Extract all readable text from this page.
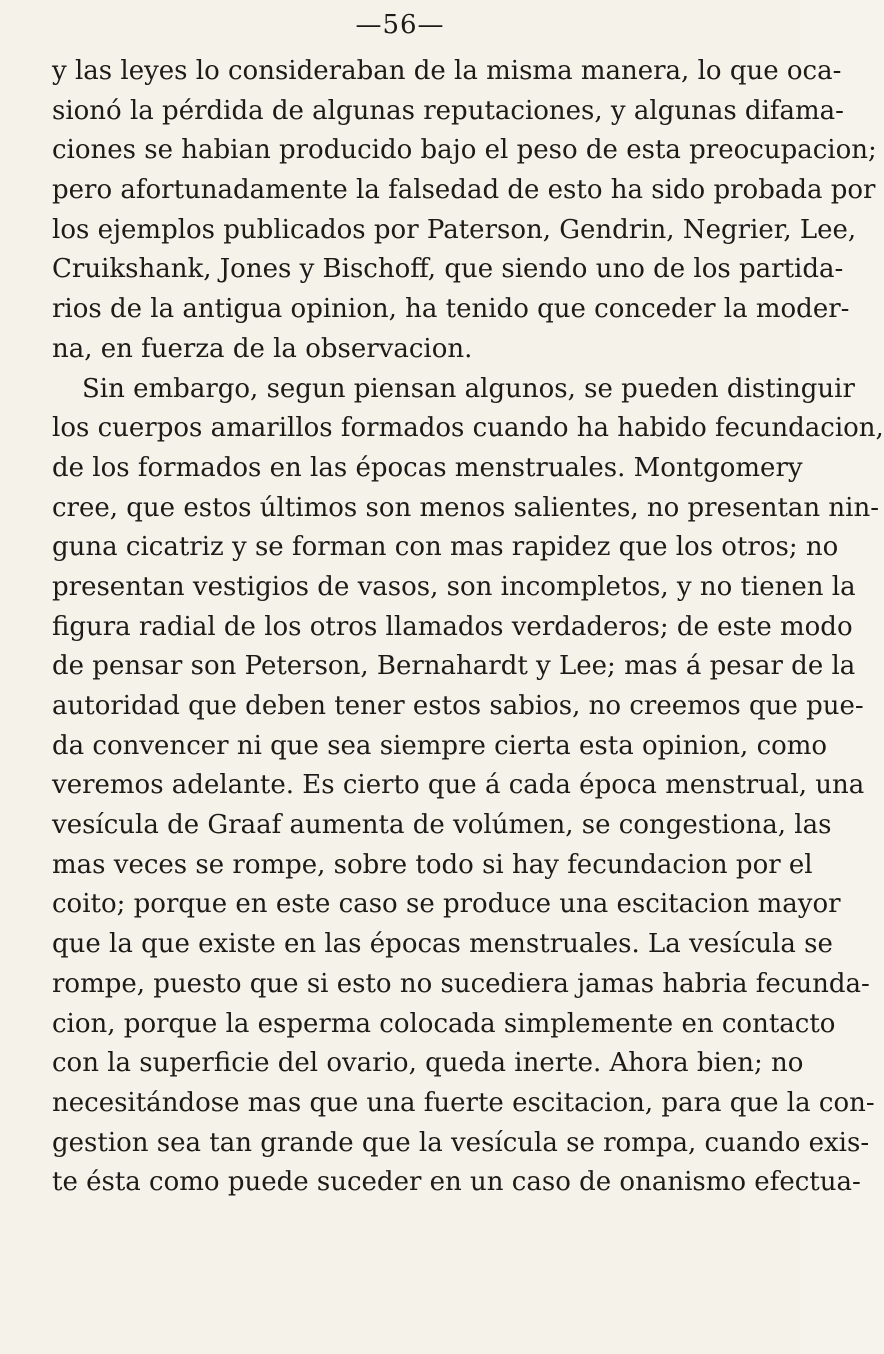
—56—
y las leyes lo consideraban de la misma manera, lo que oca-
sionó la pérdida de algunas reputaciones, y algunas difama-
ciones se habian producido bajo el peso de esta preocupacion;
pero afortunadamente la falsedad de esto ha sido probada por
los ejemplos publicados por Paterson, Gendrin, Negrier, Lee,
Cruikshank, Jones y Bischoff, que siendo uno de los partida-
rios de la antigua opinion, ha tenido que conceder la moder-
na, en fuerza de la observacion.
Sin embargo, segun piensan algunos, se pueden distinguir
los cuerpos amarillos formados cuando ha habido fecundacion,
de los formados en las épocas menstruales. Montgomery
cree, que estos últimos son menos salientes, no presentan nin-
guna cicatriz y se forman con mas rapidez que los otros; no
presentan vestigios de vasos, son incompletos, y no tienen la
figura radial de los otros llamados verdaderos; de este modo
de pensar son Peterson, Bernahardt y Lee; mas á pesar de la
autoridad que deben tener estos sabios, no creemos que pue-
da convencer ni que sea siempre cierta esta opinion, como
veremos adelante. Es cierto que á cada época menstrual, una
vesícula de Graaf aumenta de volúmen, se congestiona, las
mas veces se rompe, sobre todo si hay fecundacion por el
coito; porque en este caso se produce una escitacion mayor
que la que existe en las épocas menstruales. La vesícula se
rompe, puesto que si esto no sucediera jamas habria fecunda-
cion, porque la esperma colocada simplemente en contacto
con la superficie del ovario, queda inerte. Ahora bien; no
necesitándose mas que una fuerte escitacion, para que la con-
gestion sea tan grande que la vesícula se rompa, cuando exis-
te ésta como puede suceder en un caso de onanismo efectua-
